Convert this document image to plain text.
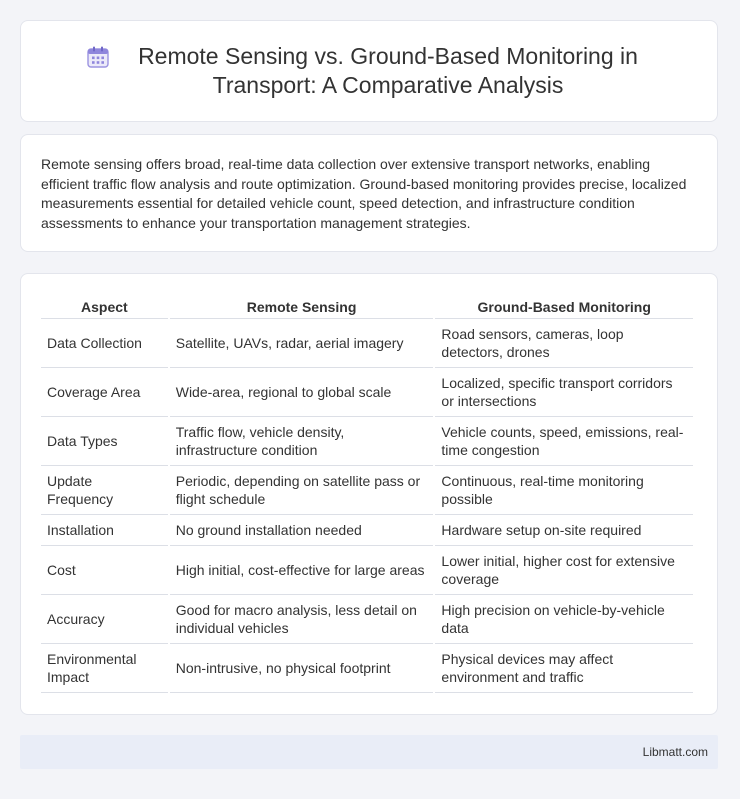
Remote Sensing vs. Ground-Based Monitoring in Transport: A Comparative Analysis

Remote sensing offers broad, real-time data collection over extensive transport networks, enabling efficient traffic flow analysis and route optimization. Ground-based monitoring provides precise, localized measurements essential for detailed vehicle count, speed detection, and infrastructure condition assessments to enhance your transportation management strategies.

Aspect	Remote Sensing	Ground-Based Monitoring
Data Collection	Satellite, UAVs, radar, aerial imagery	Road sensors, cameras, loop detectors, drones
Coverage Area	Wide-area, regional to global scale	Localized, specific transport corridors or intersections
Data Types	Traffic flow, vehicle density, infrastructure condition	Vehicle counts, speed, emissions, real-time congestion
Update Frequency	Periodic, depending on satellite pass or flight schedule	Continuous, real-time monitoring possible
Installation	No ground installation needed	Hardware setup on-site required
Cost	High initial, cost-effective for large areas	Lower initial, higher cost for extensive coverage
Accuracy	Good for macro analysis, less detail on individual vehicles	High precision on vehicle-by-vehicle data
Environmental Impact	Non-intrusive, no physical footprint	Physical devices may affect environment and traffic
Libmatt.com
